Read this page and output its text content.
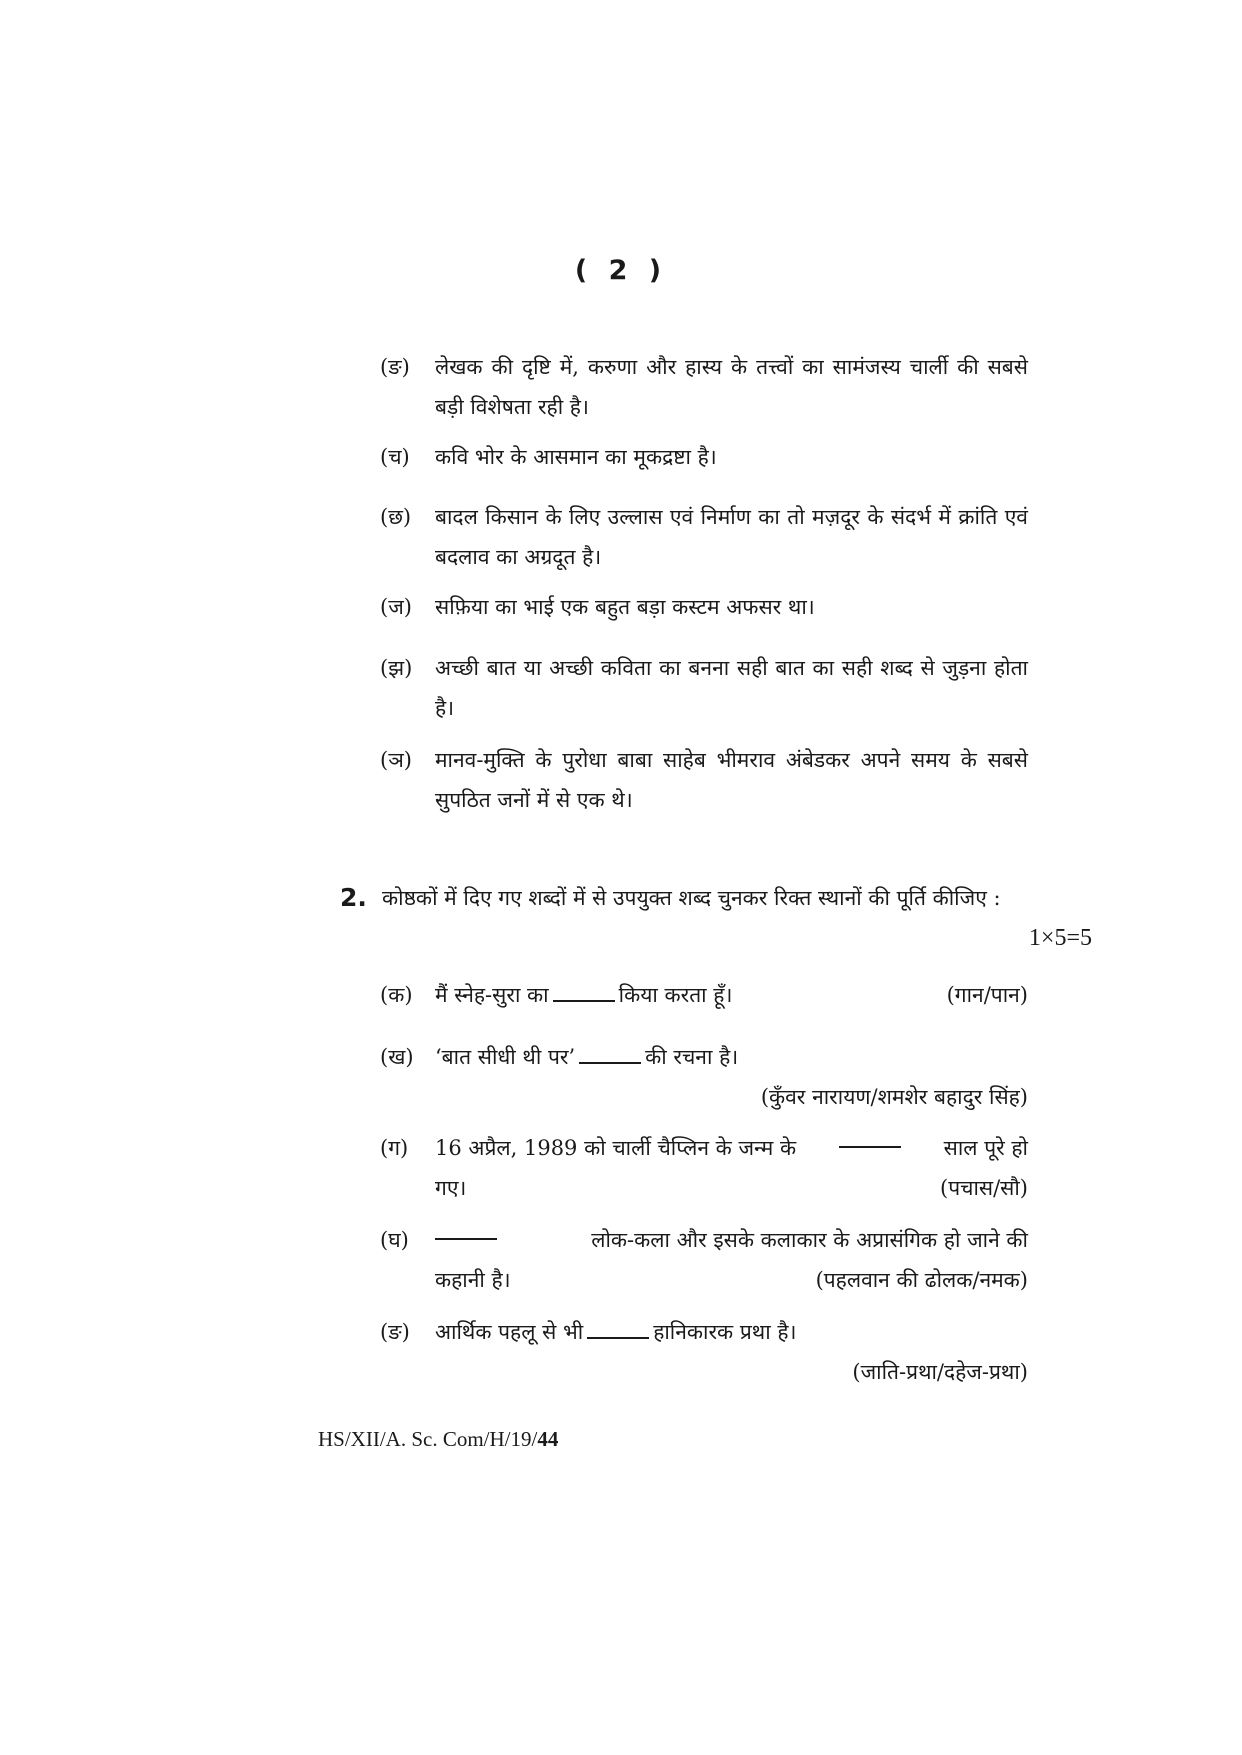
( 2 )
(ङ) लेखक की दृष्टि में, करुणा और हास्य के तत्त्वों का सामंजस्य चार्ली की सबसे बड़ी विशेषता रही है।
(च) कवि भोर के आसमान का मूकद्रष्टा है।
(छ) बादल किसान के लिए उल्लास एवं निर्माण का तो मज़दूर के संदर्भ में क्रांति एवं बदलाव का अग्रदूत है।
(ज) सफ़िया का भाई एक बहुत बड़ा कस्टम अफसर था।
(झ) अच्छी बात या अच्छी कविता का बनना सही बात का सही शब्द से जुड़ना होता है।
(ञ) मानव-मुक्ति के पुरोधा बाबा साहेब भीमराव अंबेडकर अपने समय के सबसे सुपठित जनों में से एक थे।
2. कोष्ठकों में दिए गए शब्दों में से उपयुक्त शब्द चुनकर रिक्त स्थानों की पूर्ति कीजिए :
1×5=5
(क) मैं स्नेह-सुरा का	किया करता हूँ।	(गान/पान)
(ख) ‘बात सीधी थी पर’	की रचना है।
(कुँवर नारायण/शमशेर बहादुर सिंह)
(ग) 16 अप्रैल, 1989 को चार्ली चैप्लिन के जन्म के	साल पूरे हो
गए।	(पचास/सौ)
(घ)	लोक-कला और इसके कलाकार के अप्रासंगिक हो जाने की
कहानी है।	(पहलवान की ढोलक/नमक)
(ङ) आर्थिक पहलू से भी	हानिकारक प्रथा है।
(जाति-प्रथा/दहेज-प्रथा)
HS/XII/A. Sc. Com/H/19/44
